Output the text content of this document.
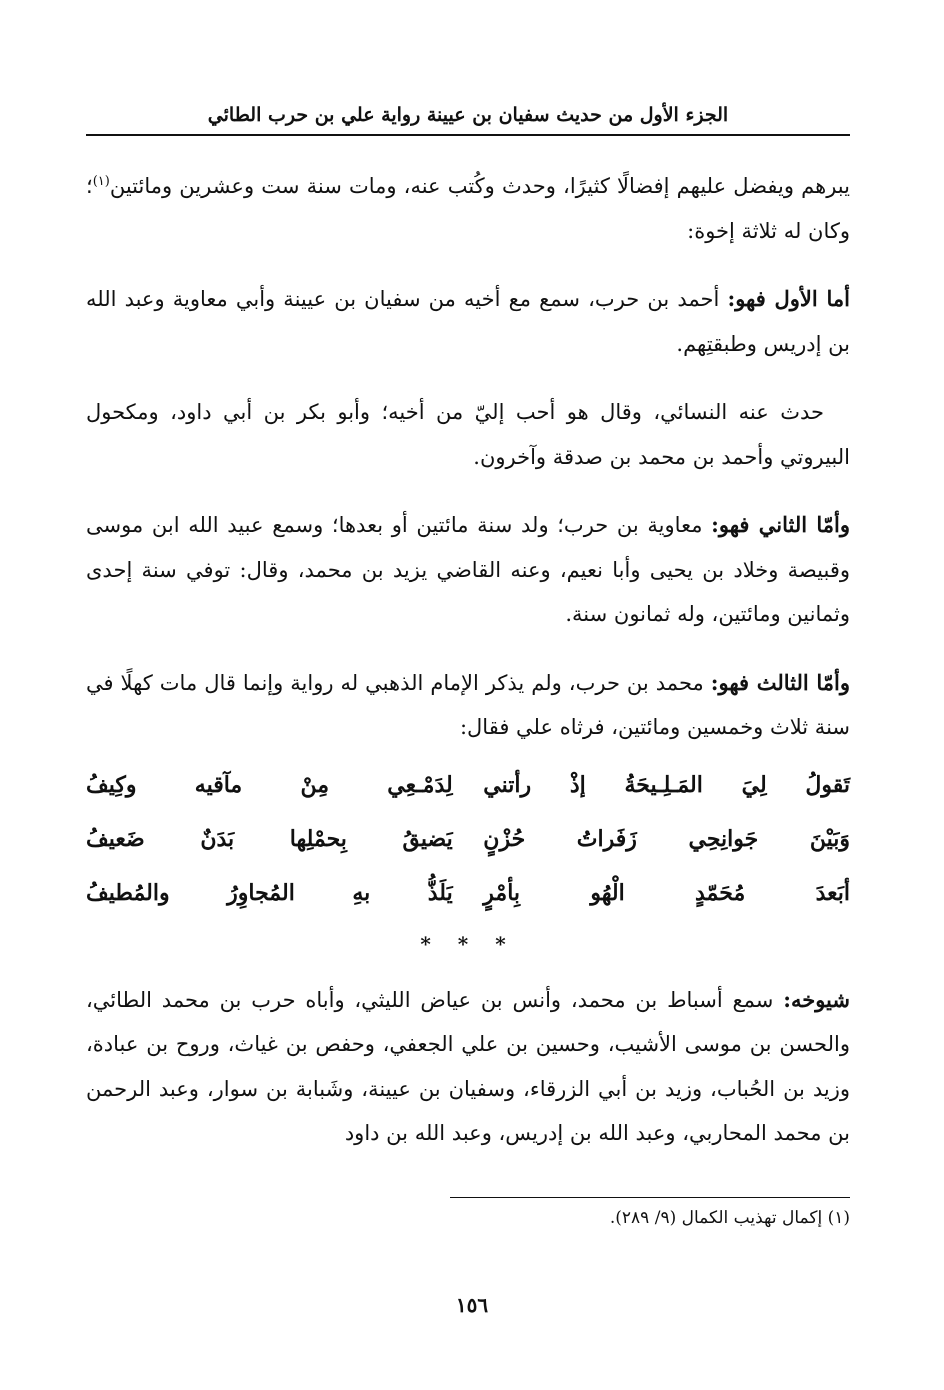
الجزء الأول من حديث سفيان بن عيينة رواية علي بن حرب الطائي

يبرهم ويفضل عليهم إفضالًا كثيرًا، وحدث وكُتب عنه، ومات سنة ست وعشرين ومائتين$^{(١)}$؛ وكان له ثلاثة إخوة:

أما الأول فهو: أحمد بن حرب، سمع مع أخيه من سفيان بن عيينة وأبي معاوية وعبد الله بن إدريس وطبقتِهم.

حدث عنه النسائي، وقال هو أحب إليّ من أخيه؛ وأبو بكر بن أبي داود، ومكحول البيروتي وأحمد بن محمد بن صدقة وآخرون.

وأمّا الثاني فهو: معاوية بن حرب؛ ولد سنة مائتين أو بعدها؛ وسمع عبيد الله ابن موسى وقبيصة وخلاد بن يحيى وأبا نعيم، وعنه القاضي يزيد بن محمد، وقال: توفي سنة إحدى وثمانين ومائتين، وله ثمانون سنة.

وأمّا الثالث فهو: محمد بن حرب، ولم يذكر الإمام الذهبي له رواية وإنما قال مات كهلًا في سنة ثلاث وخمسين ومائتين، فرثاه علي فقال:

تَقولُ لِيَ المَـلِـيحَةُ إذْ رأتني
لِدَمْـعِي مِنْ مآقيه وكِيفُ
وَبَيْنَ جَوانِحِي زَفَراتُ حُزْنٍ
يَضيقُ بِحمْلِها بَدَنٌ ضَعيفُ
أبَعدَ مُحَمّدٍ الْهُو بِأمْرٍ
يَلَذُّ بهِ المُجاوِرُ والمُطيفُ
* * *

شيوخه: سمع أسباط بن محمد، وأنس بن عياض الليثي، وأباه حرب بن محمد الطائي، والحسن بن موسى الأشيب، وحسين بن علي الجعفي، وحفص بن غياث، وروح بن عبادة، وزيد بن الحُباب، وزيد بن أبي الزرقاء، وسفيان بن عيينة، وشَبابة بن سوار، وعبد الرحمن بن محمد المحاربي، وعبد الله بن إدريس، وعبد الله بن داود

(١) إكمال تهذيب الكمال (٩/ ٢٨٩).
١٥٦
